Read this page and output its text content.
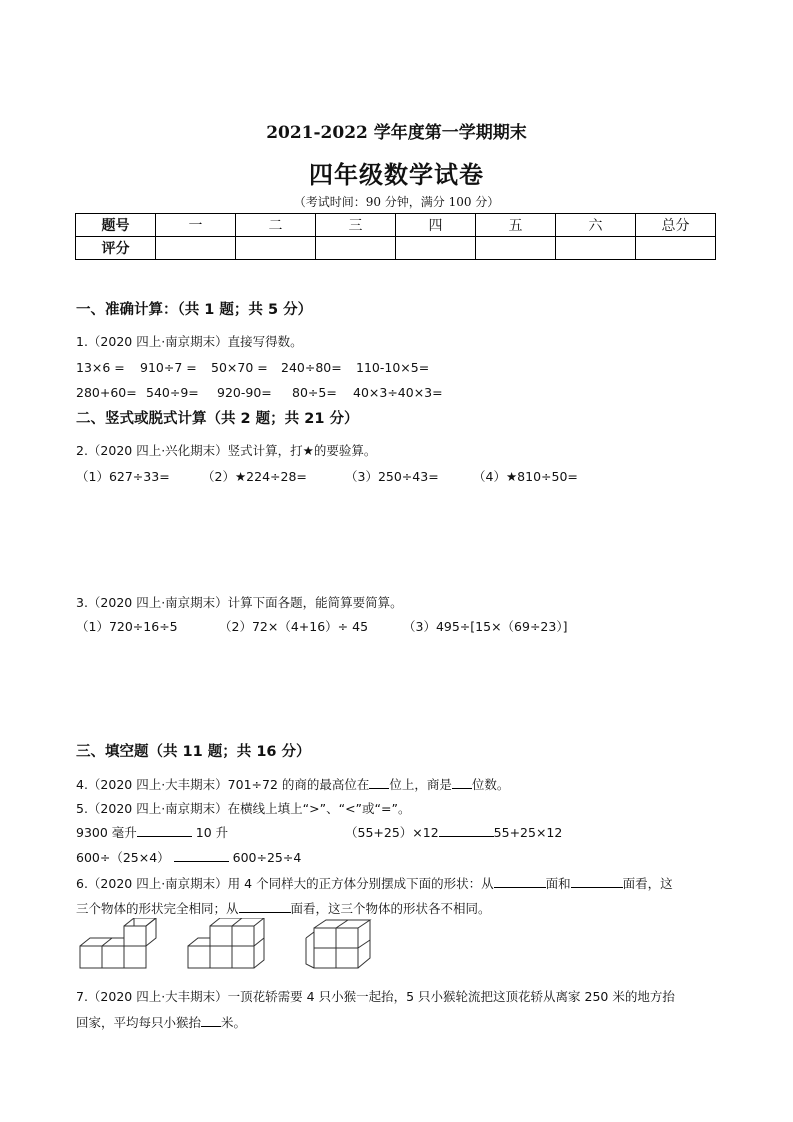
2021-2022 学年度第一学期期末
四年级数学试卷
（考试时间：90 分钟，满分 100 分）
题号	一	二	三	四	五	六	总分
评分							
一、准确计算：（共 1 题；共 5 分）
1.（2020 四上·南京期末）直接写得数。
13×6 = 910÷7 = 50×70 = 240÷80= 110-10×5=
280+60= 540÷9= 920-90= 80÷5= 40×3÷40×3=
二、竖式或脱式计算（共 2 题；共 21 分）
2.（2020 四上·兴化期末）竖式计算，打★的要验算。
（1）627÷33=	（2）★224÷28=	（3）250÷43=	（4）★810÷50=
3.（2020 四上·南京期末）计算下面各题，能简算要简算。
（1）720÷16÷5	（2）72×（4+16）÷ 45	（3）495÷[15×（69÷23）]
三、填空题（共 11 题；共 16 分）
4.（2020 四上·大丰期末）701÷72 的商的最高位在 位上，商是 位数。
5.（2020 四上·南京期末）在横线上填上“>”、“<”或“=”。
9300 毫升	10 升	（55+25）×12	55+25×12
600÷（25×4）	600÷25÷4
6.（2020 四上·南京期末）用 4 个同样大的正方体分别摆成下面的形状：从	面和	面看，这
三个物体的形状完全相同；从	面看，这三个物体的形状各不相同。
7.（2020 四上·大丰期末）一顶花轿需要 4 只小猴一起抬，5 只小猴轮流把这顶花轿从离家 250 米的地方抬
回家，平均每只小猴抬 米。
